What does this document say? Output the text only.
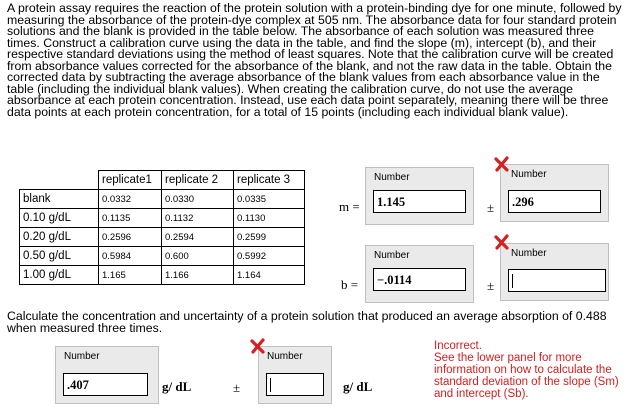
A protein assay requires the reaction of the protein solution with a protein-binding dye for one minute, followed by measuring the absorbance of the protein-dye complex at 505 nm. The absorbance data for four standard protein solutions and the blank is provided in the table below. The absorbance of each solution was measured three times. Construct a calibration curve using the data in the table, and find the slope (m), intercept (b), and their respective standard deviations using the method of least squares. Note that the calibration curve will be created from absorbance values corrected for the absorbance of the blank, and not the raw data in the table. Obtain the corrected data by subtracting the average absorbance of the blank values from each absorbance value in the table (including the individual blank values). When creating the calibration curve, do not use the average absorbance at each protein concentration. Instead, use each data point separately, meaning there will be three data points at each protein concentration, for a total of 15 points (including each individual blank value).

	replicate1	replicate 2	replicate 3
blank	0.0332	0.0330	0.0335
0.10 g/dL	0.1135	0.1132	0.1130
0.20 g/dL	0.2596	0.2594	0.2599
0.50 g/dL	0.5984	0.600	0.5992
1.00 g/dL	1.165	1.166	1.164
m =
Number
1.145	±
Number
.296
b =
Number
−.0114	±
Number

Calculate the concentration and uncertainty of a protein solution that produced an average absorption of 0.488 when measured three times.

Number
.407	g/ dL	±
Number
g/ dL
Incorrect.
See the lower panel for more information on how to calculate the standard deviation of the slope (Sm) and intercept (Sb).
